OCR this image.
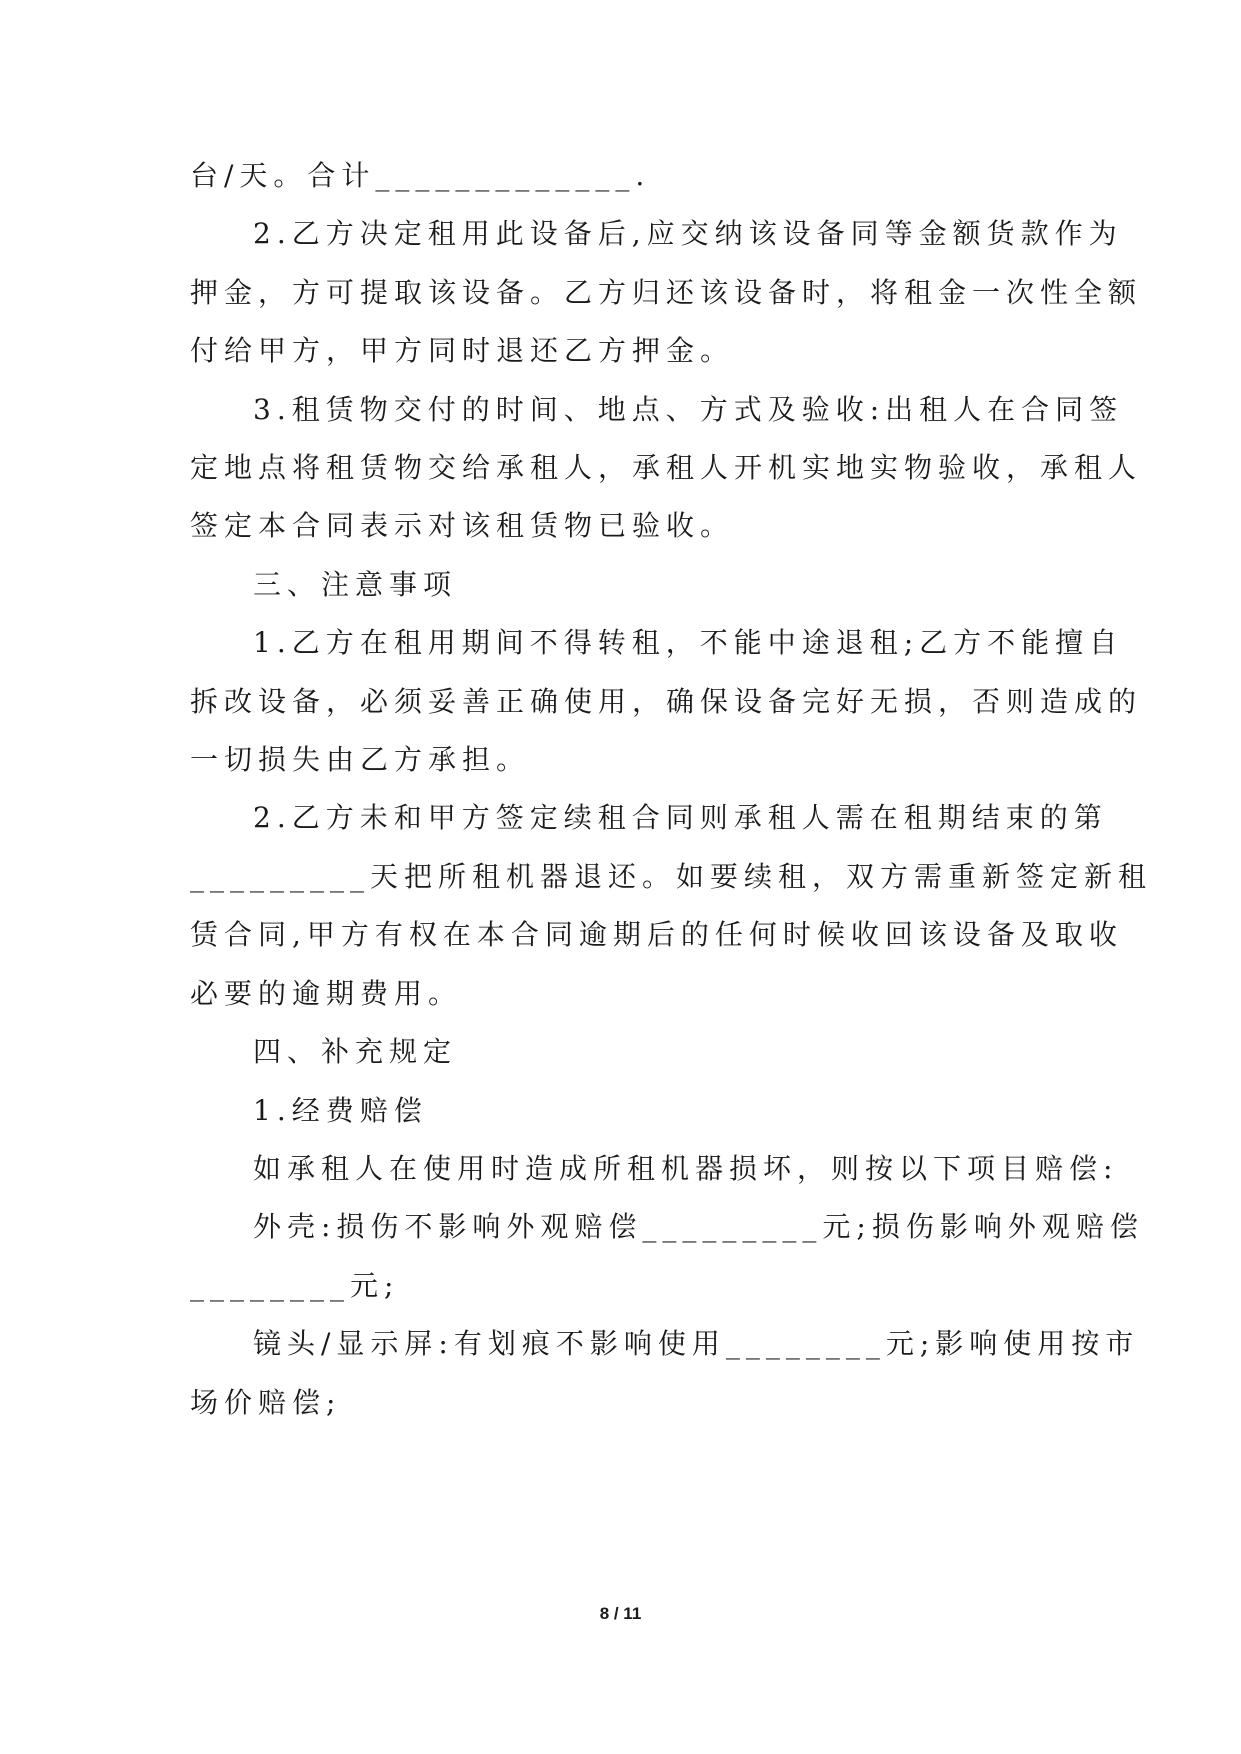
台/天。合计_____________.
2.乙方决定租用此设备后,应交纳该设备同等金额货款作为
押金，方可提取该设备。乙方归还该设备时，将租金一次性全额
付给甲方，甲方同时退还乙方押金。
3.租赁物交付的时间、地点、方式及验收:出租人在合同签
定地点将租赁物交给承租人，承租人开机实地实物验收，承租人
签定本合同表示对该租赁物已验收。
三、注意事项
1.乙方在租用期间不得转租，不能中途退租;乙方不能擅自
拆改设备，必须妥善正确使用，确保设备完好无损，否则造成的
一切损失由乙方承担。
2.乙方未和甲方签定续租合同则承租人需在租期结束的第
_________天把所租机器退还。如要续租，双方需重新签定新租
赁合同,甲方有权在本合同逾期后的任何时候收回该设备及取收
必要的逾期费用。
四、补充规定
1.经费赔偿
如承租人在使用时造成所租机器损坏，则按以下项目赔偿:
外壳:损伤不影响外观赔偿_________元;损伤影响外观赔偿
________元;
镜头/显示屏:有划痕不影响使用________元;影响使用按市
场价赔偿;
8 / 11
